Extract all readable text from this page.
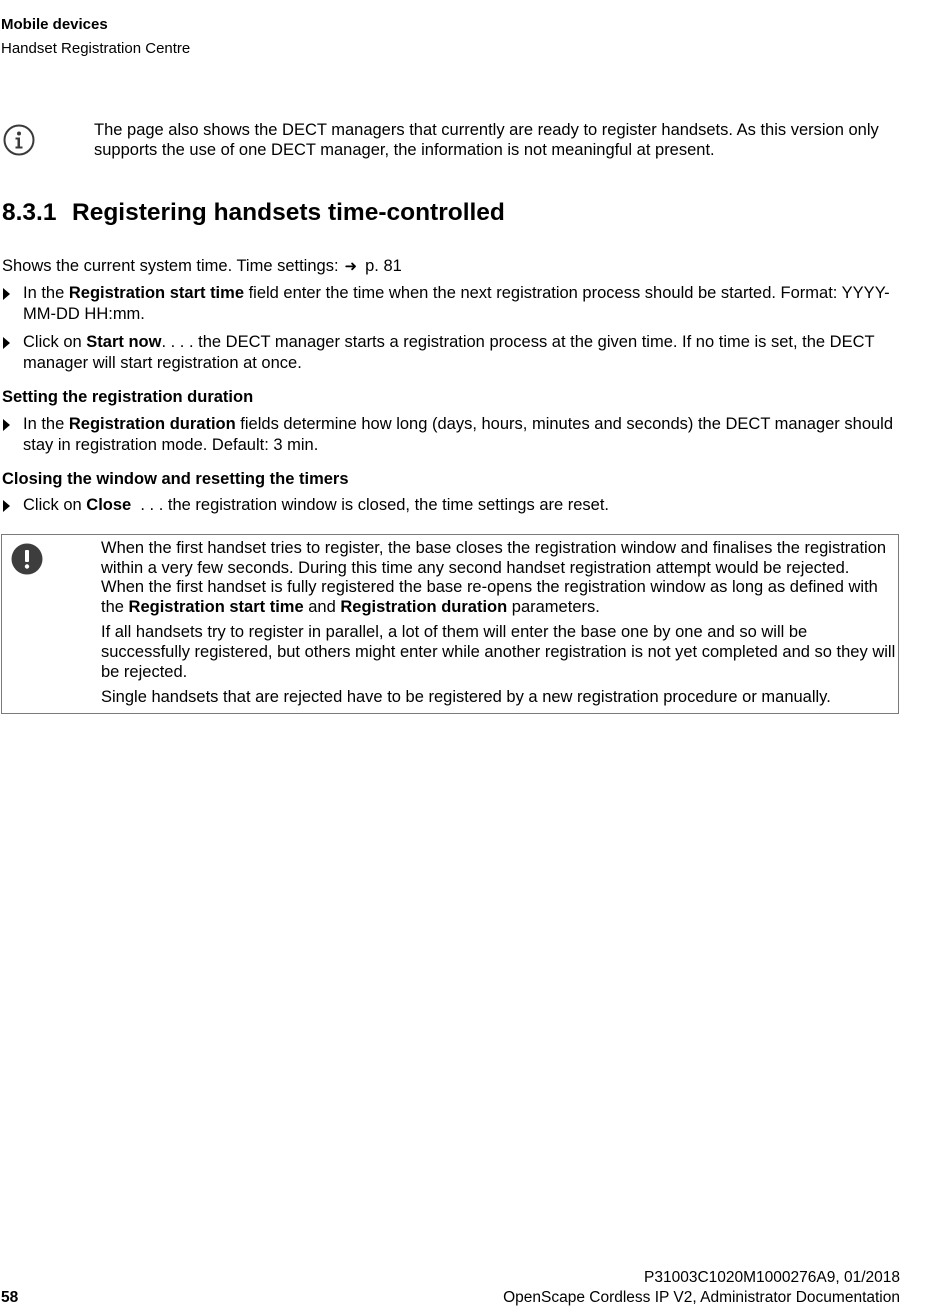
Mobile devices
Handset Registration Centre
The page also shows the DECT managers that currently are ready to register handsets. As this version only supports the use of one DECT manager, the information is not meaningful at present.
8.3.1 Registering handsets time-controlled
Shows the current system time. Time settings: ➜ p. 81
In the Registration start time field enter the time when the next registration process should be started. Format: YYYY-MM-DD HH:mm.
Click on Start now. . . . the DECT manager starts a registration process at the given time. If no time is set, the DECT manager will start registration at once.
Setting the registration duration
In the Registration duration fields determine how long (days, hours, minutes and seconds) the DECT manager should stay in registration mode. Default: 3 min.
Closing the window and resetting the timers
Click on Close  . . . the registration window is closed, the time settings are reset.

When the first handset tries to register, the base closes the registration window and finalises the registration within a very few seconds. During this time any second handset registration attempt would be rejected. When the first handset is fully registered the base re-opens the registration window as long as defined with the Registration start time and Registration duration parameters.

If all handsets try to register in parallel, a lot of them will enter the base one by one and so will be successfully registered, but others might enter while another registration is not yet completed and so they will be rejected.

Single handsets that are rejected have to be registered by a new registration procedure or manually.

P31003C1020M1000276A9, 01/2018
OpenScape Cordless IP V2, Administrator Documentation
58
